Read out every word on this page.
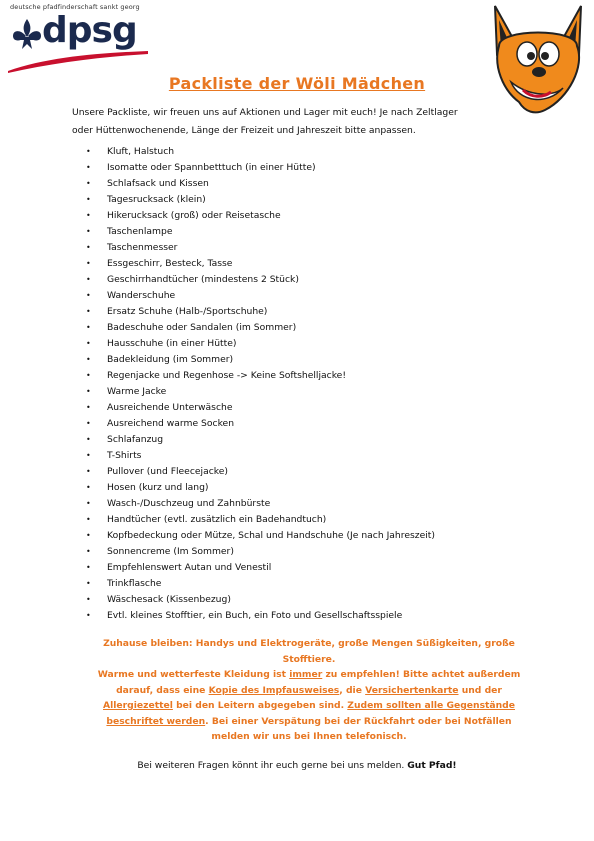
deutsche pfadfinderschaft sankt georg
dpsg
Packliste der Wöli Mädchen

Unsere Packliste, wir freuen uns auf Aktionen und Lager mit euch! Je nach Zeltlager

oder Hüttenwochenende, Länge der Freizeit und Jahreszeit bitte anpassen.

• Kluft, Halstuch
• Isomatte oder Spannbetttuch (in einer Hütte)
• Schlafsack und Kissen
• Tagesrucksack (klein)
• Hikerucksack (groß) oder Reisetasche
• Taschenlampe
• Taschenmesser
• Essgeschirr, Besteck, Tasse
• Geschirrhandtücher (mindestens 2 Stück)
• Wanderschuhe
• Ersatz Schuhe (Halb-/Sportschuhe)
• Badeschuhe oder Sandalen (im Sommer)
• Hausschuhe (in einer Hütte)
• Badekleidung (im Sommer)
• Regenjacke und Regenhose -> Keine Softshelljacke!
• Warme Jacke
• Ausreichende Unterwäsche
• Ausreichend warme Socken
• Schlafanzug
• T-Shirts
• Pullover (und Fleecejacke)
• Hosen (kurz und lang)
• Wasch-/Duschzeug und Zahnbürste
• Handtücher (evtl. zusätzlich ein Badehandtuch)
• Kopfbedeckung oder Mütze, Schal und Handschuhe (Je nach Jahreszeit)
• Sonnencreme (Im Sommer)
• Empfehlenswert Autan und Venestil
• Trinkflasche
• Wäschesack (Kissenbezug)
• Evtl. kleines Stofftier, ein Buch, ein Foto und Gesellschaftsspiele

Zuhause bleiben: Handys und Elektrogeräte, große Mengen Süßigkeiten, große Stofftiere.

Warme und wetterfeste Kleidung ist immer zu empfehlen! Bitte achtet außerdem darauf, dass eine Kopie des Impfausweises, die Versichertenkarte und der Allergiezettel bei den Leitern abgegeben sind. Zudem sollten alle Gegenstände beschriftet werden. Bei einer Verspätung bei der Rückfahrt oder bei Notfällen melden wir uns bei Ihnen telefonisch.

Bei weiteren Fragen könnt ihr euch gerne bei uns melden. Gut Pfad!
